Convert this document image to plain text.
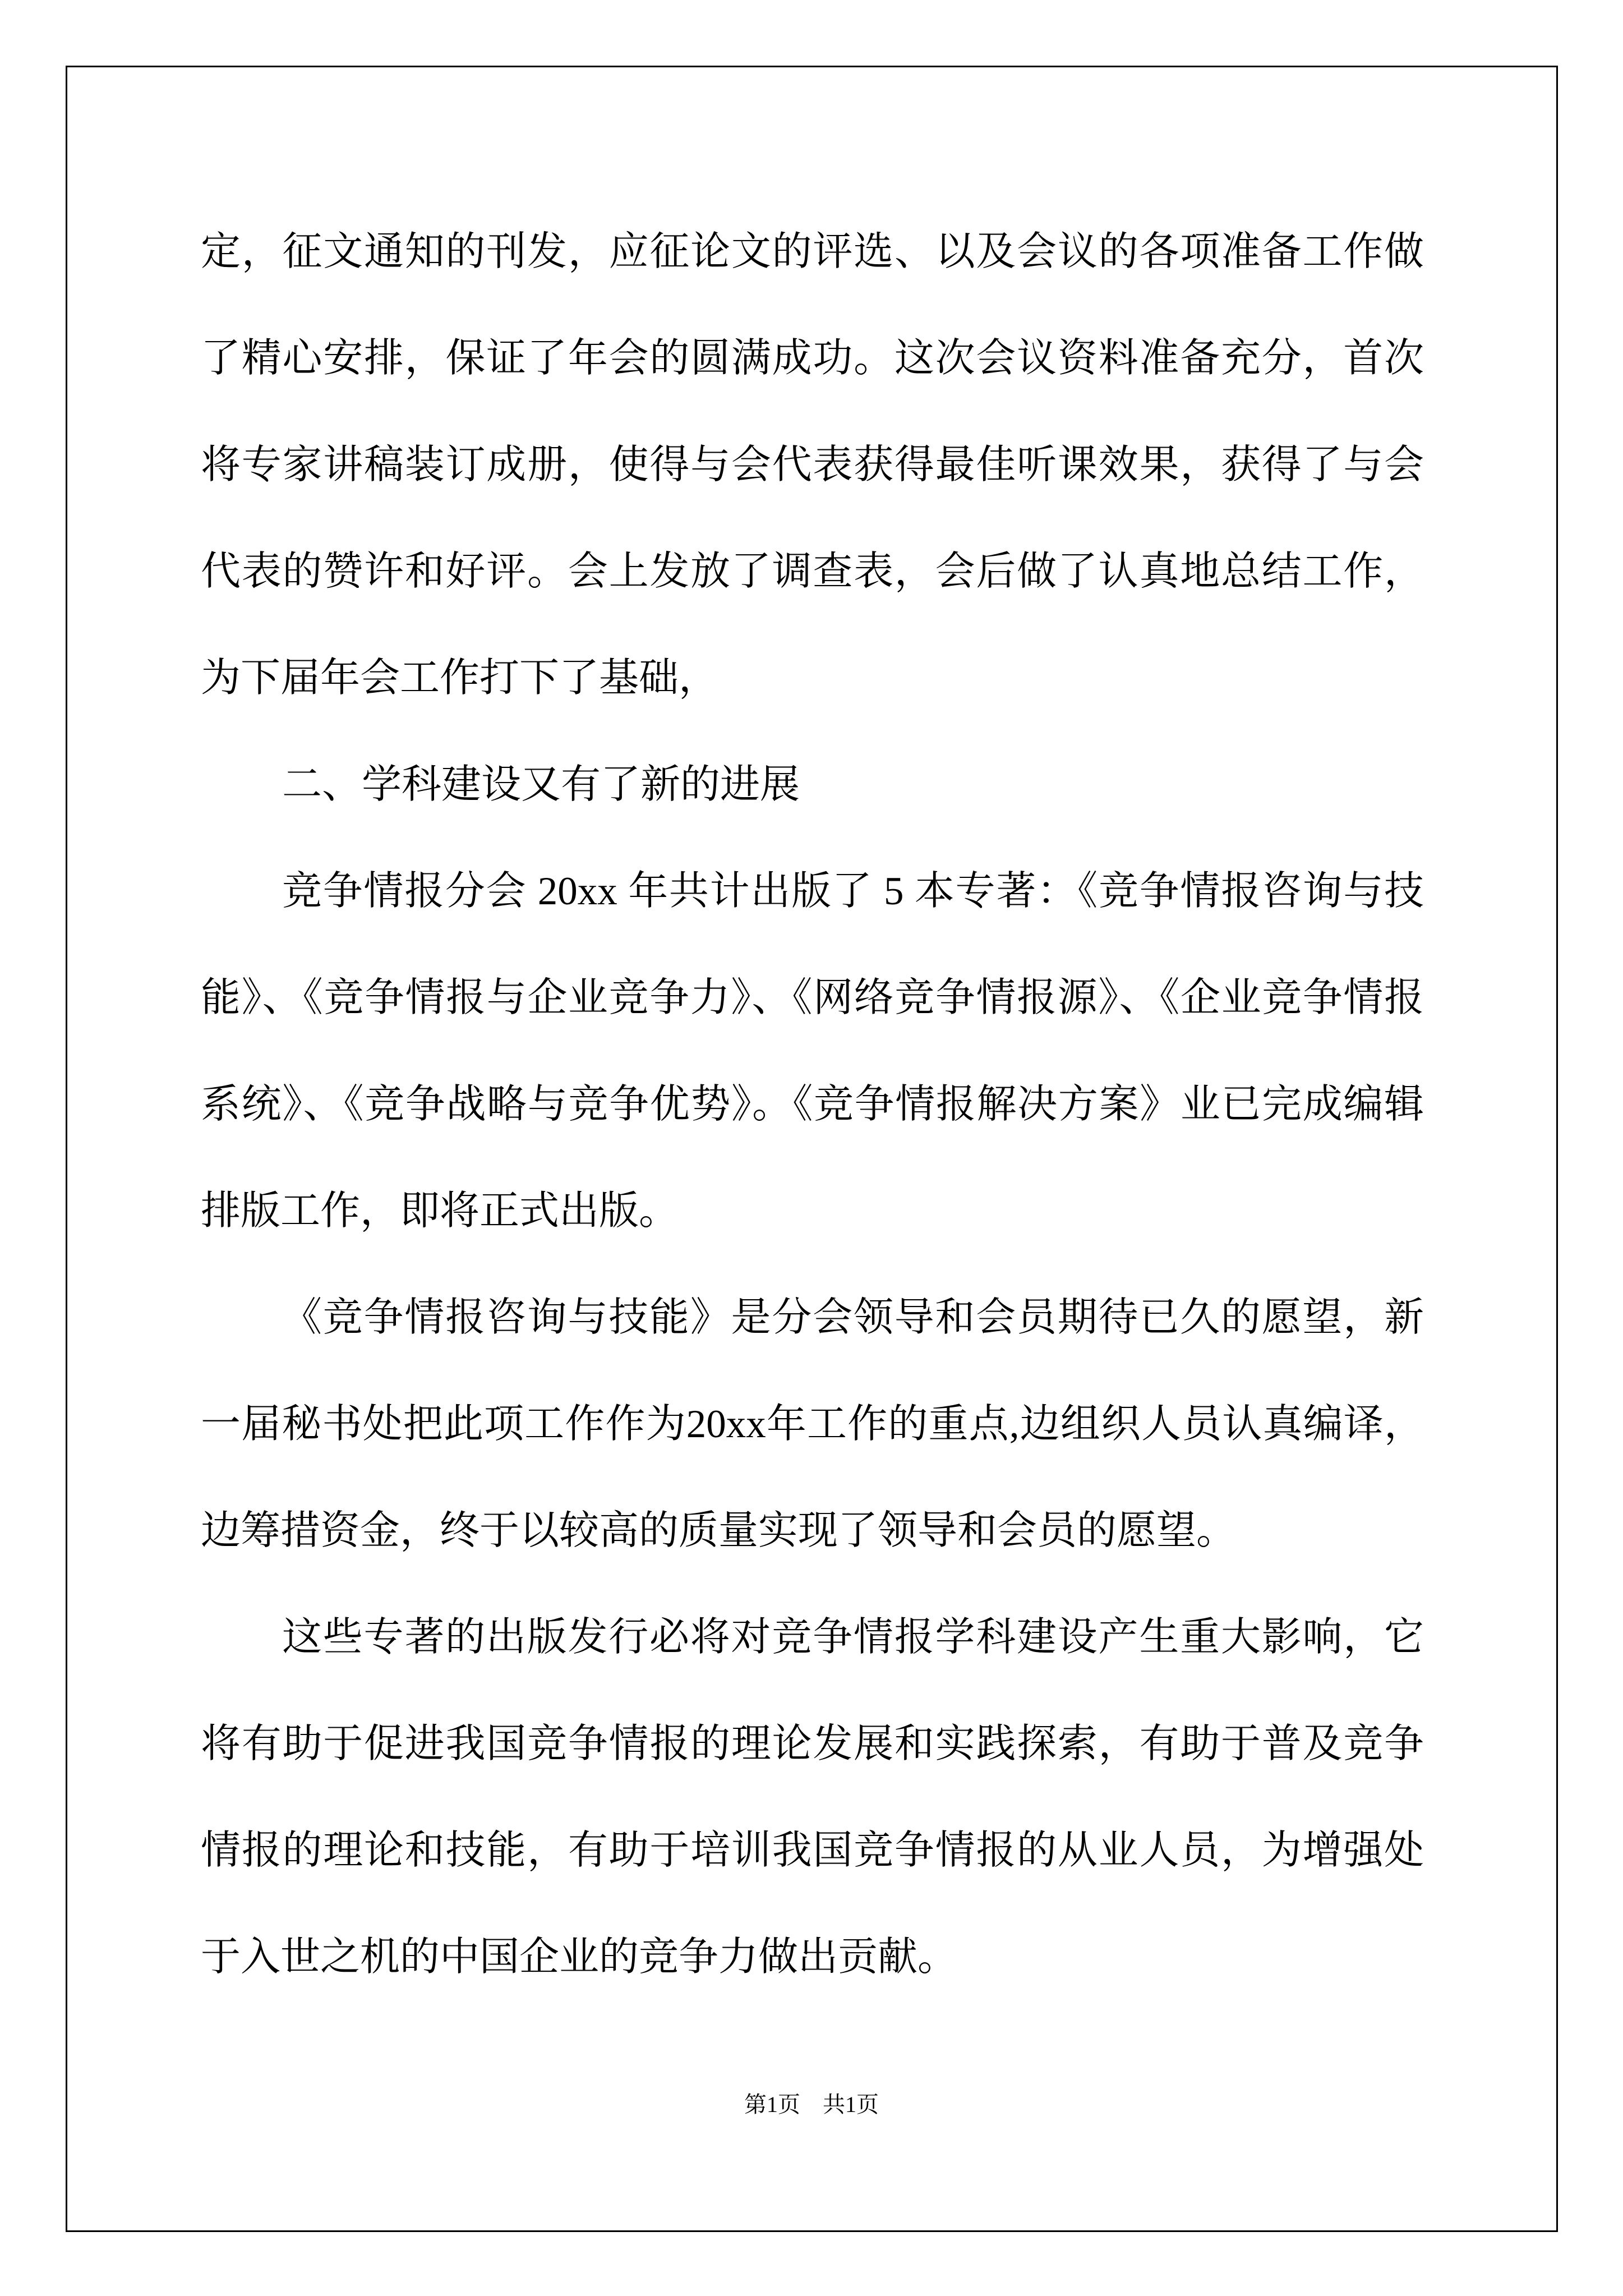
定，征文通知的刊发，应征论文的评选、以及会议的各项准备工作做
了精心安排，保证了年会的圆满成功。这次会议资料准备充分，首次
将专家讲稿装订成册，使得与会代表获得最佳听课效果，获得了与会
代表的赞许和好评。会上发放了调查表，会后做了认真地总结工作，
为下届年会工作打下了基础，
二、学科建设又有了新的进展
竞争情报分会 20xx 年共计出版了 5 本专著：《竞争情报咨询与技
能》、《竞争情报与企业竞争力》、《网络竞争情报源》、《企业竞争情报
系统》、《竞争战略与竞争优势》。《竞争情报解决方案》业已完成编辑
排版工作，即将正式出版。
《竞争情报咨询与技能》是分会领导和会员期待已久的愿望，新
一届秘书处把此项工作作为20xx年工作的重点,边组织人员认真编译，
边筹措资金，终于以较高的质量实现了领导和会员的愿望。
这些专著的出版发行必将对竞争情报学科建设产生重大影响，它
将有助于促进我国竞争情报的理论发展和实践探索，有助于普及竞争
情报的理论和技能，有助于培训我国竞争情报的从业人员，为增强处
于入世之机的中国企业的竞争力做出贡献。
第1页 共1页
